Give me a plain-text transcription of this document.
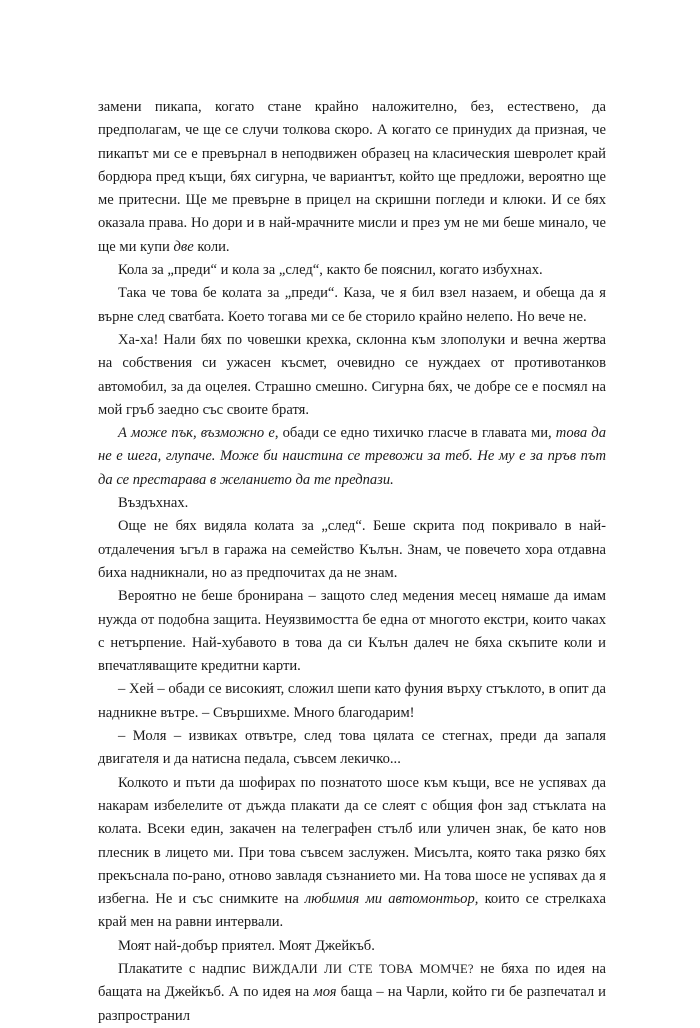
замени пикапа, когато стане крайно наложително, без, естествено, да предполагам, че ще се случи толкова скоро. А когато се принудих да призная, че пикапът ми се е превърнал в неподвижен образец на класическия шевролет край бордюра пред къщи, бях сигурна, че вариантът, който ще предложи, вероятно ще ме притесни. Ще ме превърне в прицел на скришни погледи и клюки. И се бях оказала права. Но дори и в най-мрачните мисли и през ум не ми беше минало, че ще ми купи две коли.

Кола за „преди“ и кола за „след“, както бе пояснил, когато избухнах.

Така че това бе колата за „преди“. Каза, че я бил взел назаем, и обеща да я върне след сватбата. Което тогава ми се бе сторило крайно нелепо. Но вече не.

Ха-ха! Нали бях по човешки крехка, склонна към злополуки и вечна жертва на собствения си ужасен късмет, очевидно се нуждаех от противотанков автомобил, за да оцелея. Страшно смешно. Сигурна бях, че добре се е посмял на мой гръб заедно със своите братя.

А може пък, възможно е, обади се едно тихичко гласче в главата ми, това да не е шега, глупаче. Може би наистина се тревожи за теб. Не му е за пръв път да се престарава в желанието да те предпази.

Въздъхнах.

Още не бях видяла колата за „след“. Беше скрита под покривало в най-отдалечения ъгъл в гаража на семейство Кълън. Знам, че повечето хора отдавна биха надникнали, но аз предпочитах да не знам.

Вероятно не беше бронирана – защото след медения месец нямаше да имам нужда от подобна защита. Неуязвимостта бе една от многото екстри, които чаках с нетърпение. Най-хубавото в това да си Кълън далеч не бяха скъпите коли и впечатляващите кредитни карти.

– Хей – обади се високият, сложил шепи като фуния върху стъклото, в опит да надникне вътре. – Свършихме. Много благодарим!

– Моля – извиках отвътре, след това цялата се стегнах, преди да запаля двигателя и да натисна педала, съвсем лекичко...

Колкото и пъти да шофирах по познатото шосе към къщи, все не успявах да накарам избелелите от дъжда плакати да се слеят с общия фон зад стъклата на колата. Всеки един, закачен на телеграфен стълб или уличен знак, бе като нов плесник в лицето ми. При това съвсем заслужен. Мисълта, която така рязко бях прекъснала по-рано, отново завладя съзнанието ми. На това шосе не успявах да я избегна. Не и със снимките на любимия ми автомонтьор, които се стрелкаха край мен на равни интервали.

Моят най-добър приятел. Моят Джейкъб.

Плакатите с надпис ВИЖДАЛИ ЛИ СТЕ ТОВА МОМЧЕ? не бяха по идея на бащата на Джейкъб. А по идея на моя баща – на Чарли, който ги бе разпечатал и разпространил
